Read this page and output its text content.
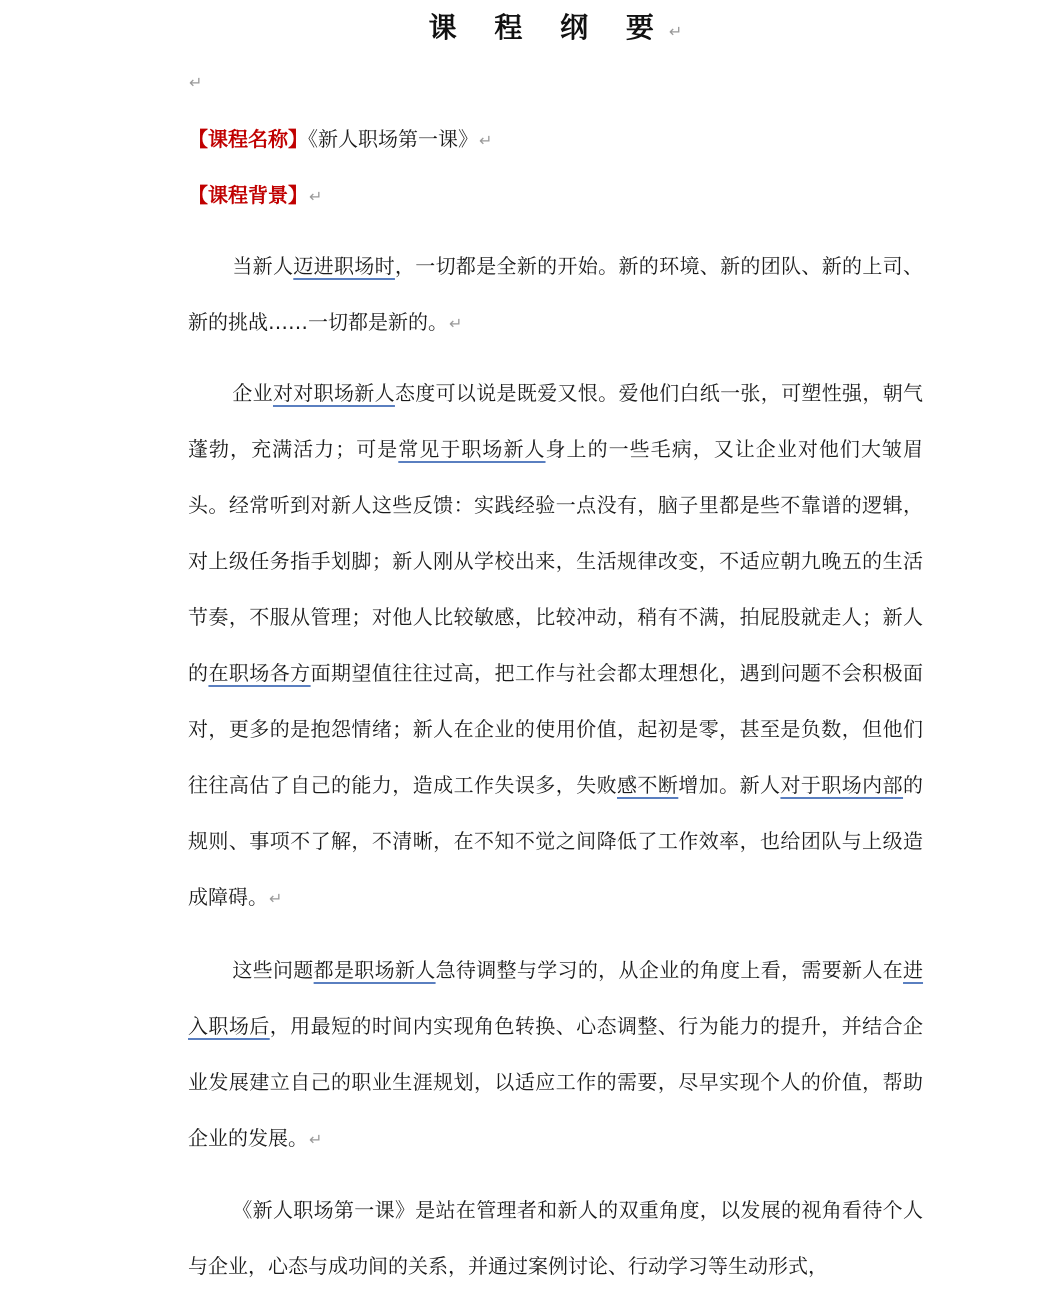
课 程 纲 要↵
↵
【课程名称】《新人职场第一课》↵
【课程背景】↵
当新人迈进职场时，一切都是全新的开始。新的环境、新的团队、新的上司、新的挑战……一切都是新的。↵
企业对对职场新人态度可以说是既爱又恨。爱他们白纸一张，可塑性强，朝气蓬勃，充满活力；可是常见于职场新人身上的一些毛病，又让企业对他们大皱眉头。经常听到对新人这些反馈：实践经验一点没有，脑子里都是些不靠谱的逻辑，对上级任务指手划脚；新人刚从学校出来，生活规律改变，不适应朝九晚五的生活节奏，不服从管理；对他人比较敏感，比较冲动，稍有不满，拍屁股就走人；新人的在职场各方面期望值往往过高，把工作与社会都太理想化，遇到问题不会积极面对，更多的是抱怨情绪；新人在企业的使用价值，起初是零，甚至是负数，但他们往往高估了自己的能力，造成工作失误多，失败感不断增加。新人对于职场内部的规则、事项不了解，不清晰，在不知不觉之间降低了工作效率，也给团队与上级造成障碍。↵
这些问题都是职场新人急待调整与学习的，从企业的角度上看，需要新人在进入职场后，用最短的时间内实现角色转换、心态调整、行为能力的提升，并结合企业发展建立自己的职业生涯规划，以适应工作的需要，尽早实现个人的价值，帮助企业的发展。↵
《新人职场第一课》是站在管理者和新人的双重角度，以发展的视角看待个人与企业，心态与成功间的关系，并通过案例讨论、行动学习等生动形式，
